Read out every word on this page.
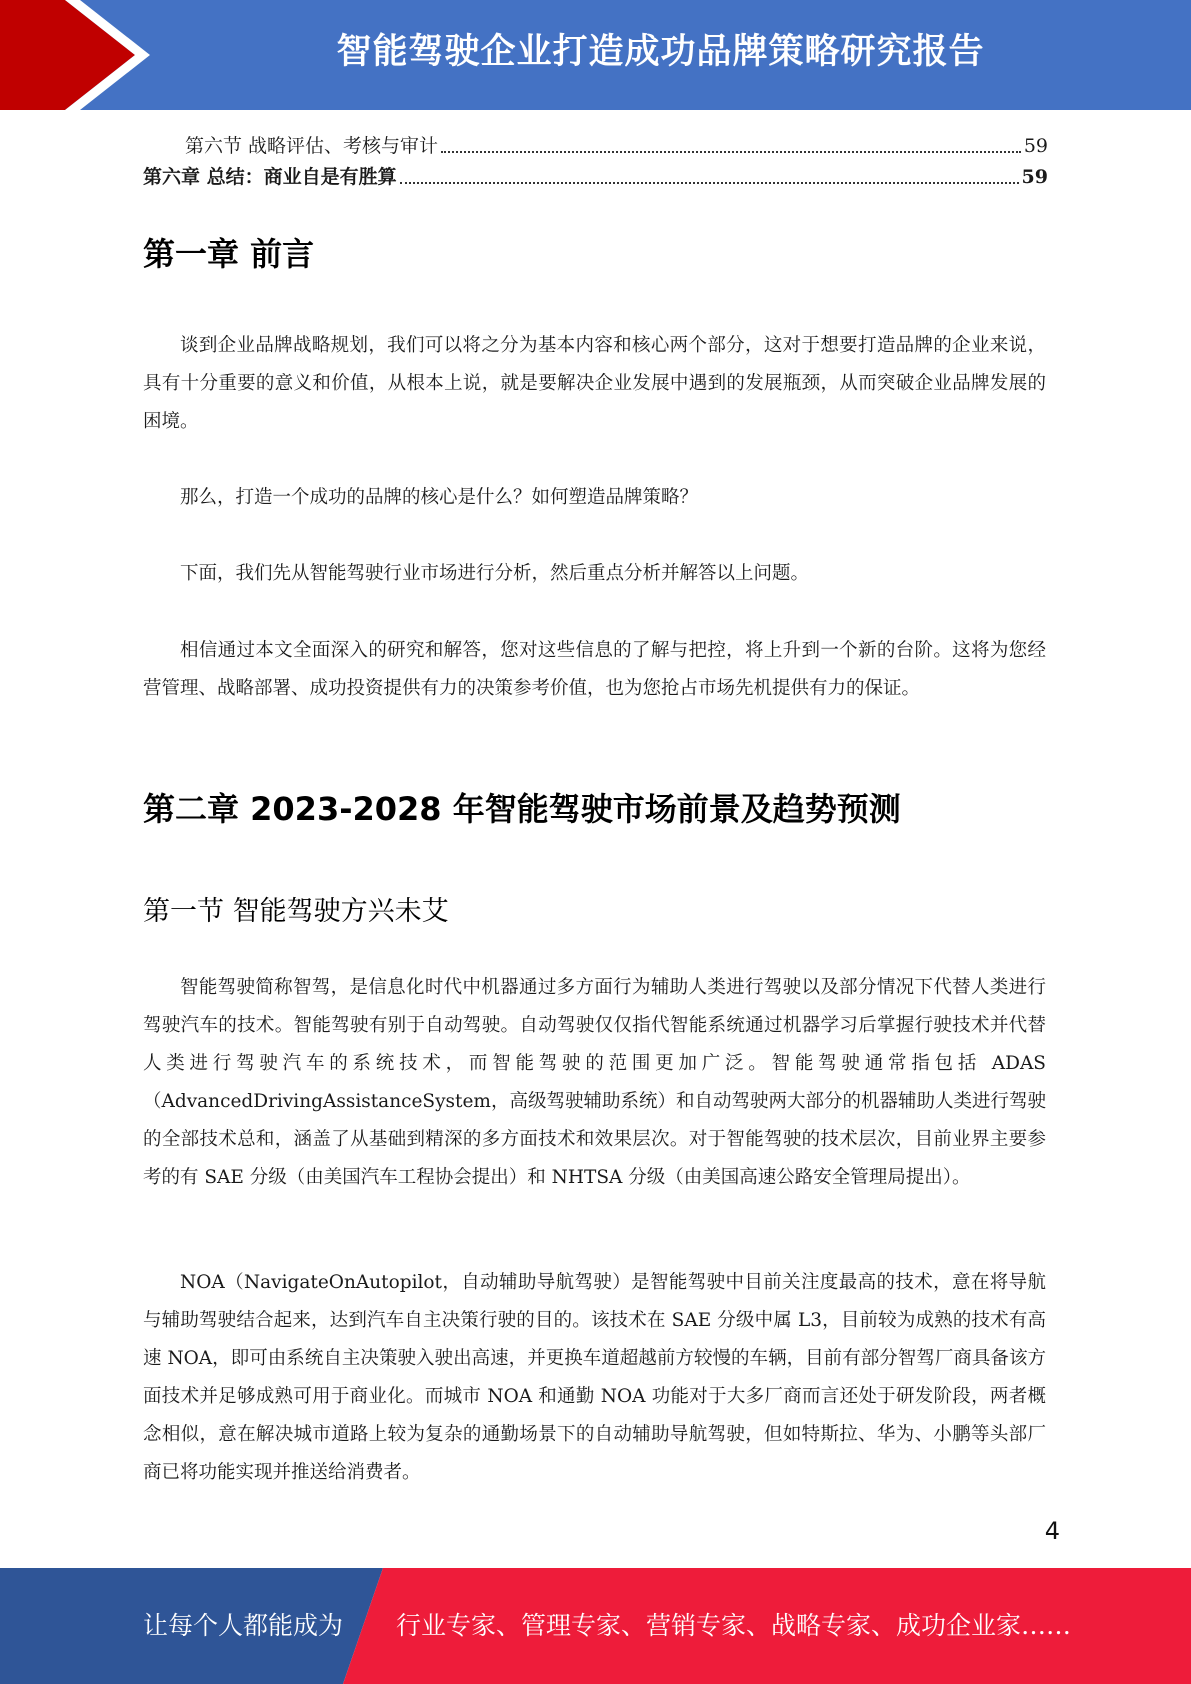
智能驾驶企业打造成功品牌策略研究报告
第六节 战略评估、考核与审计	59
第六章 总结：商业自是有胜算	59
第一章 前言

谈到企业品牌战略规划，我们可以将之分为基本内容和核心两个部分，这对于想要打造品牌的企业来说，具有十分重要的意义和价值，从根本上说，就是要解决企业发展中遇到的发展瓶颈，从而突破企业品牌发展的困境。

那么，打造一个成功的品牌的核心是什么？如何塑造品牌策略？

下面，我们先从智能驾驶行业市场进行分析，然后重点分析并解答以上问题。

相信通过本文全面深入的研究和解答，您对这些信息的了解与把控，将上升到一个新的台阶。这将为您经营管理、战略部署、成功投资提供有力的决策参考价值，也为您抢占市场先机提供有力的保证。

第二章 2023-2028 年智能驾驶市场前景及趋势预测
第一节 智能驾驶方兴未艾

智能驾驶简称智驾，是信息化时代中机器通过多方面行为辅助人类进行驾驶以及部分情况下代替人类进行驾驶汽车的技术。智能驾驶有别于自动驾驶。自动驾驶仅仅指代智能系统通过机器学习后掌握行驶技术并代替人类进行驾驶汽车的系统技术，而智能驾驶的范围更加广泛。智能驾驶通常指包括 ADAS（AdvancedDrivingAssistanceSystem，高级驾驶辅助系统）和自动驾驶两大部分的机器辅助人类进行驾驶的全部技术总和，涵盖了从基础到精深的多方面技术和效果层次。对于智能驾驶的技术层次，目前业界主要参考的有 SAE 分级（由美国汽车工程协会提出）和 NHTSA 分级（由美国高速公路安全管理局提出）。

NOA（NavigateOnAutopilot，自动辅助导航驾驶）是智能驾驶中目前关注度最高的技术，意在将导航与辅助驾驶结合起来，达到汽车自主决策行驶的目的。该技术在 SAE 分级中属 L3，目前较为成熟的技术有高速 NOA，即可由系统自主决策驶入驶出高速，并更换车道超越前方较慢的车辆，目前有部分智驾厂商具备该方面技术并足够成熟可用于商业化。而城市 NOA 和通勤 NOA 功能对于大多厂商而言还处于研发阶段，两者概念相似，意在解决城市道路上较为复杂的通勤场景下的自动辅助导航驾驶，但如特斯拉、华为、小鹏等头部厂商已将功能实现并推送给消费者。

4
让每个人都能成为 行业专家、管理专家、营销专家、战略专家、成功企业家……
